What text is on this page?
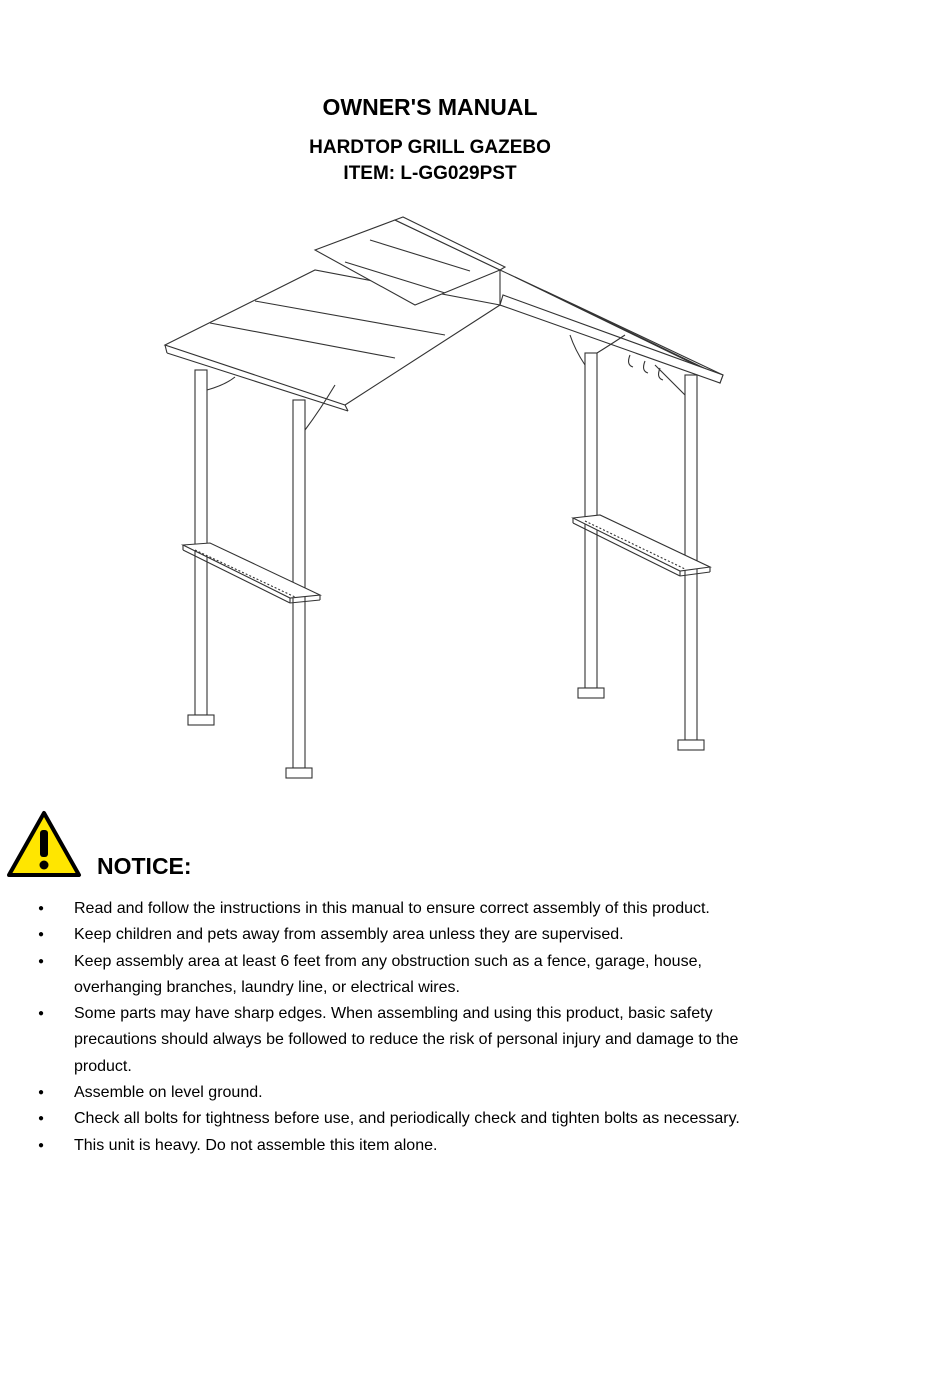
OWNER'S MANUAL
HARDTOP GRILL GAZEBO
ITEM: L-GG029PST
NOTICE:
●	Read and follow the instructions in this manual to ensure correct assembly of this product.
●	Keep children and pets away from assembly area unless they are supervised.
●	Keep assembly area at least 6 feet from any obstruction such as a fence, garage, house, overhanging branches, laundry line, or electrical wires.
●	Some parts may have sharp edges. When assembling and using this product, basic safety precautions should always be followed to reduce the risk of personal injury and damage to the product.
●	Assemble on level ground.
●	Check all bolts for tightness before use, and periodically check and tighten bolts as necessary.
●	This unit is heavy. Do not assemble this item alone.
